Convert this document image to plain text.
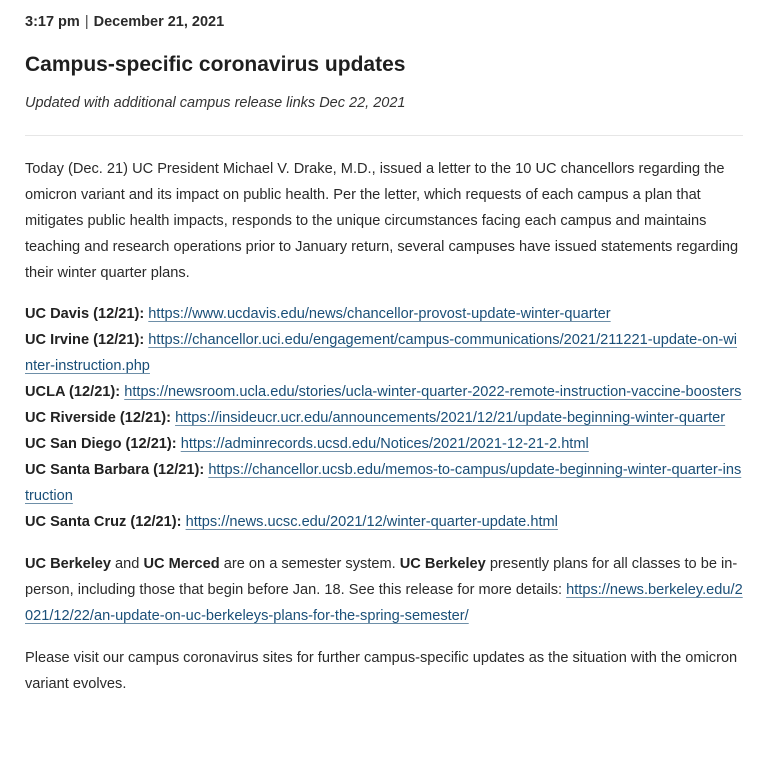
3:17 pm | December 21, 2021
Campus-specific coronavirus updates

Updated with additional campus release links Dec 22, 2021

Today (Dec. 21) UC President Michael V. Drake, M.D., issued a letter to the 10 UC chancellors regarding the omicron variant and its impact on public health. Per the letter, which requests of each campus a plan that mitigates public health impacts, responds to the unique circumstances facing each campus and maintains teaching and research operations prior to January return, several campuses have issued statements regarding their winter quarter plans.

UC Davis (12/21): https://www.ucdavis.edu/news/chancellor-provost-update-winter-quarter
UC Irvine (12/21): https://chancellor.uci.edu/engagement/campus-communications/2021/211221-update-on-winter-instruction.php
UCLA (12/21): https://newsroom.ucla.edu/stories/ucla-winter-quarter-2022-remote-instruction-vaccine-boosters
UC Riverside (12/21): https://insideucr.ucr.edu/announcements/2021/12/21/update-beginning-winter-quarter
UC San Diego (12/21): https://adminrecords.ucsd.edu/Notices/2021/2021-12-21-2.html
UC Santa Barbara (12/21): https://chancellor.ucsb.edu/memos-to-campus/update-beginning-winter-quarter-instruction
UC Santa Cruz (12/21): https://news.ucsc.edu/2021/12/winter-quarter-update.html

UC Berkeley and UC Merced are on a semester system. UC Berkeley presently plans for all classes to be in-person, including those that begin before Jan. 18. See this release for more details: https://news.berkeley.edu/2021/12/22/an-update-on-uc-berkeleys-plans-for-the-spring-semester/

Please visit our campus coronavirus sites for further campus-specific updates as the situation with the omicron variant evolves.
